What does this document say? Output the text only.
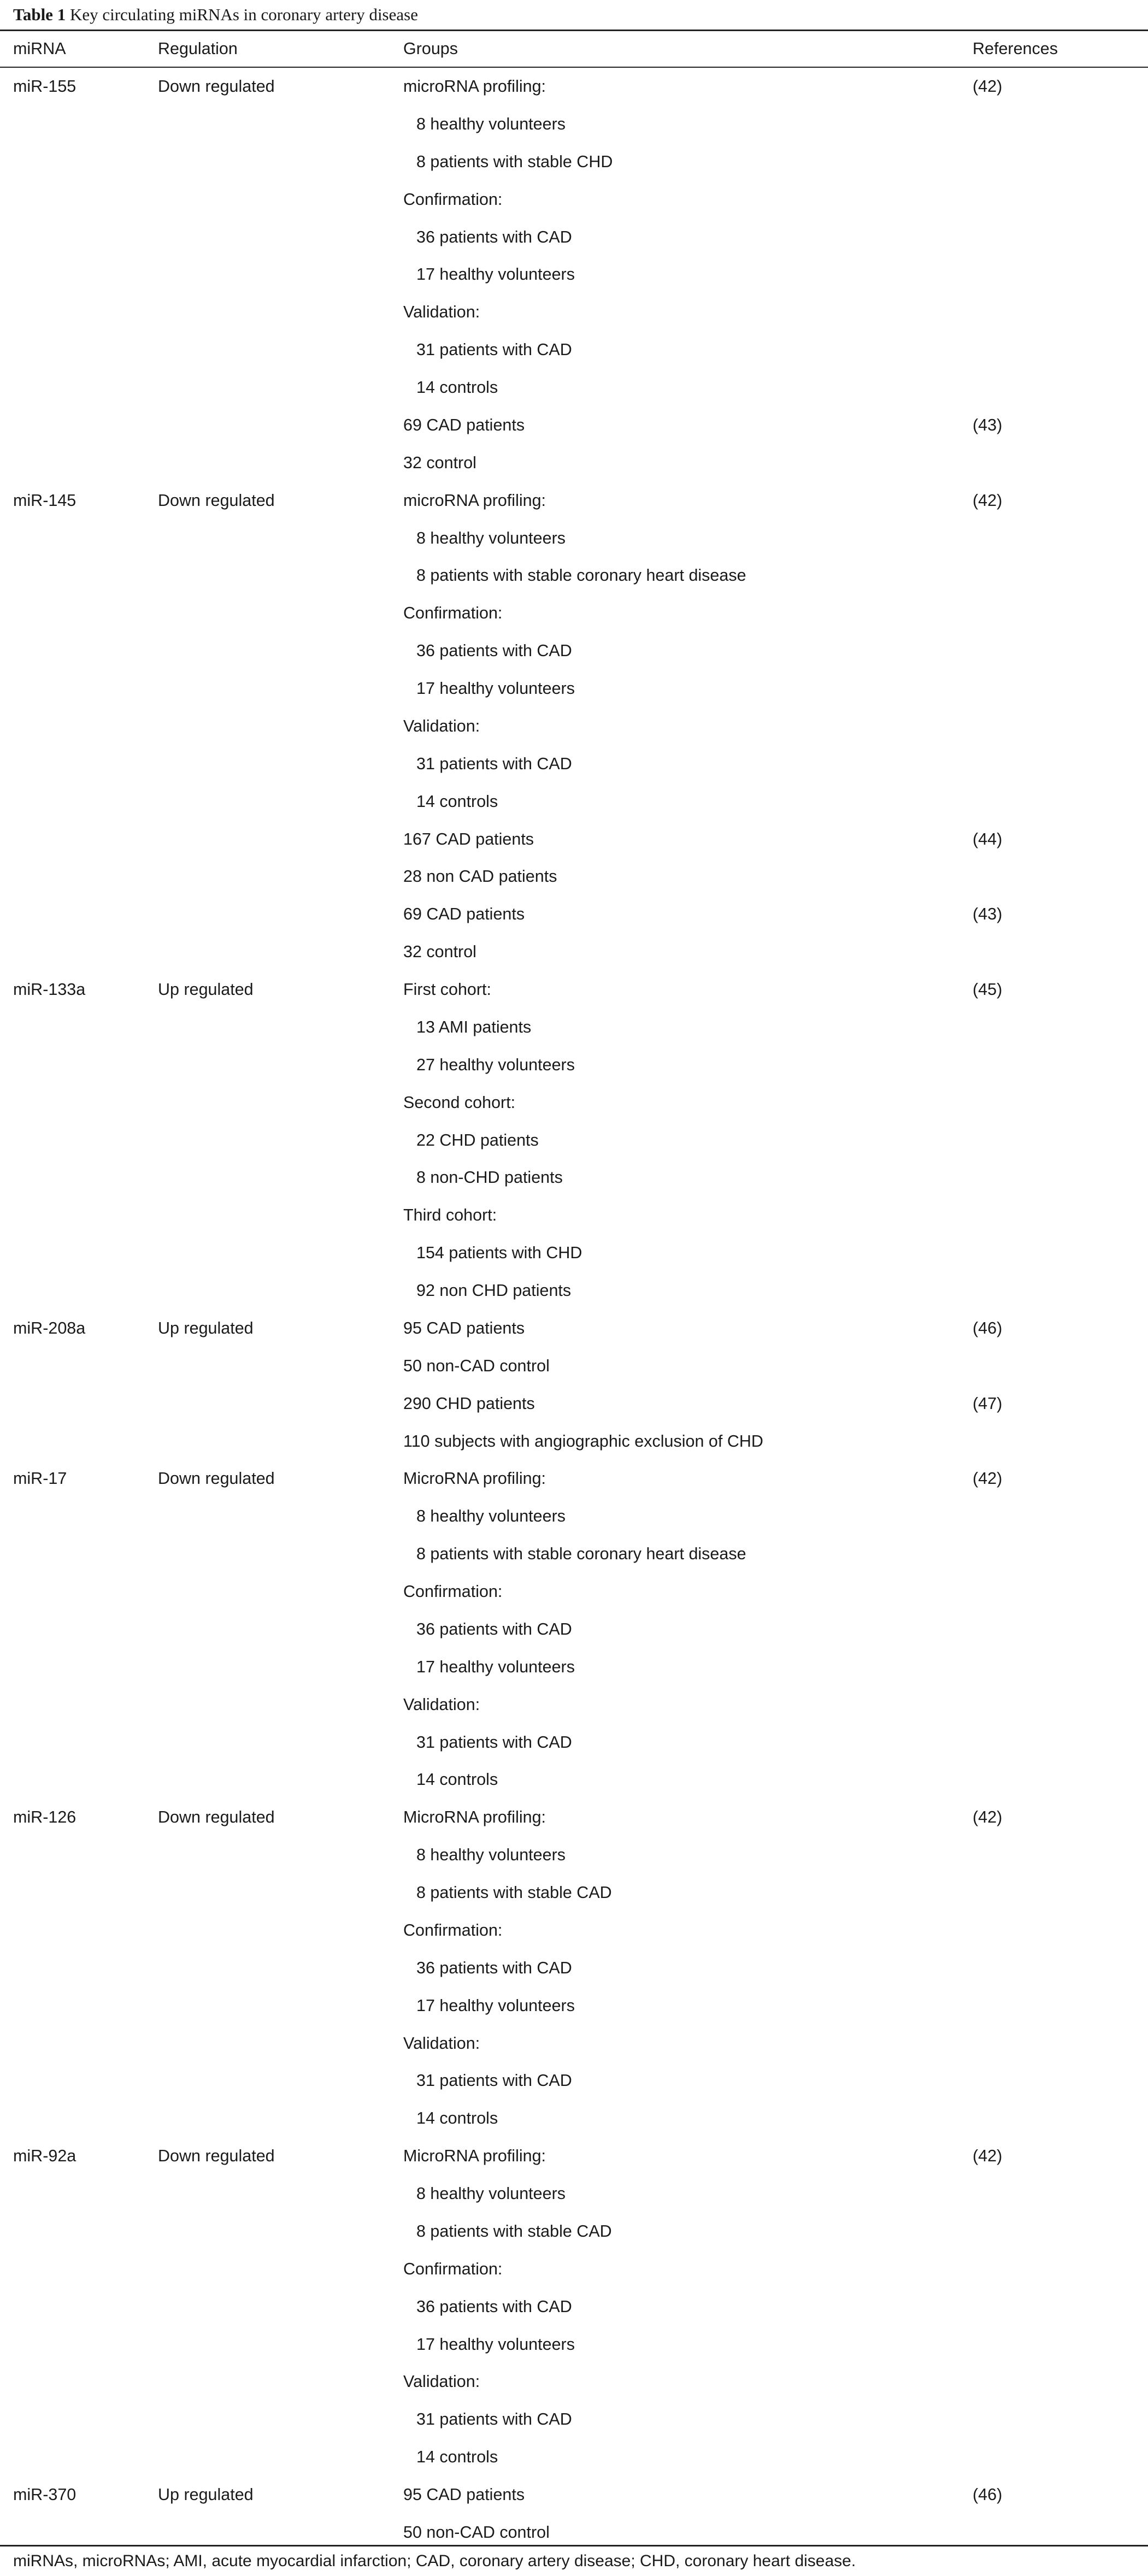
Table 1 Key circulating miRNAs in coronary artery disease
miRNA	Regulation	Groups	References
miR-155	Down regulated	microRNA profiling:	(42)
8 healthy volunteers
8 patients with stable CHD
Confirmation:
36 patients with CAD
17 healthy volunteers
Validation:
31 patients with CAD
14 controls
69 CAD patients	(43)
32 control
miR-145	Down regulated	microRNA profiling:	(42)
8 healthy volunteers
8 patients with stable coronary heart disease
Confirmation:
36 patients with CAD
17 healthy volunteers
Validation:
31 patients with CAD
14 controls
167 CAD patients	(44)
28 non CAD patients
69 CAD patients	(43)
32 control
miR-133a	Up regulated	First cohort:	(45)
13 AMI patients
27 healthy volunteers
Second cohort:
22 CHD patients
8 non-CHD patients
Third cohort:
154 patients with CHD
92 non CHD patients
miR-208a	Up regulated	95 CAD patients	(46)
50 non-CAD control
290 CHD patients	(47)
110 subjects with angiographic exclusion of CHD
miR-17	Down regulated	MicroRNA profiling:	(42)
8 healthy volunteers
8 patients with stable coronary heart disease
Confirmation:
36 patients with CAD
17 healthy volunteers
Validation:
31 patients with CAD
14 controls
miR-126	Down regulated	MicroRNA profiling:	(42)
8 healthy volunteers
8 patients with stable CAD
Confirmation:
36 patients with CAD
17 healthy volunteers
Validation:
31 patients with CAD
14 controls
miR-92a	Down regulated	MicroRNA profiling:	(42)
8 healthy volunteers
8 patients with stable CAD
Confirmation:
36 patients with CAD
17 healthy volunteers
Validation:
31 patients with CAD
14 controls
miR-370	Up regulated	95 CAD patients	(46)
50 non-CAD control
miRNAs, microRNAs; AMI, acute myocardial infarction; CAD, coronary artery disease; CHD, coronary heart disease.
